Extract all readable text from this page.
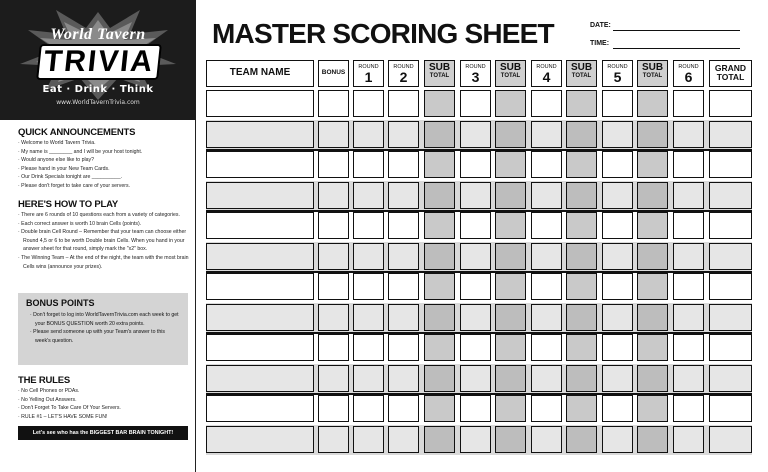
World Tavern
TRIVIA
Eat · Drink · Think
www.WorldTavernTrivia.com
QUICK ANNOUNCEMENTS
· Welcome to World Tavern Trivia.
· My name is ________ and I will be your host tonight.
· Would anyone else like to play?
· Please hand in your New Team Cards.
· Our Drink Specials tonight are __________.
· Please don't forget to take care of your servers.
HERE'S HOW TO PLAY
· There are 6 rounds of 10 questions each from a variety of categories.
· Each correct answer is worth 10 brain Cells (points).
· Double brain Cell Round – Remember that your team can choose either Round 4,5 or 6 to be worth Double brain Cells. When you hand in your answer sheet for that round, simply mark the "x2" box.
· The Winning Team – At the end of the night, the team with the most brain Cells wins (announce your prizes).
BONUS POINTS
· Don't forget to log into WorldTavernTrivia.com each week to get your BONUS QUESTION worth 20 extra points.
· Please send someone up with your Team's answer to this week's question.
THE RULES
· No Cell Phones or PDAs.
· No Yelling Out Answers.
· Don't Forget To Take Care Of Your Servers.
· RULE #1 – LET'S HAVE SOME FUN!
Let's see who has the BIGGEST BAR BRAIN TONIGHT!
MASTER SCORING SHEET	DATE:
TIME:
TEAM NAME	BONUS
ROUND
1
ROUND
2
SUB
TOTAL
ROUND
3
SUB
TOTAL
ROUND
4
SUB
TOTAL
ROUND
5
SUB
TOTAL
ROUND
6
GRAND
TOTAL
